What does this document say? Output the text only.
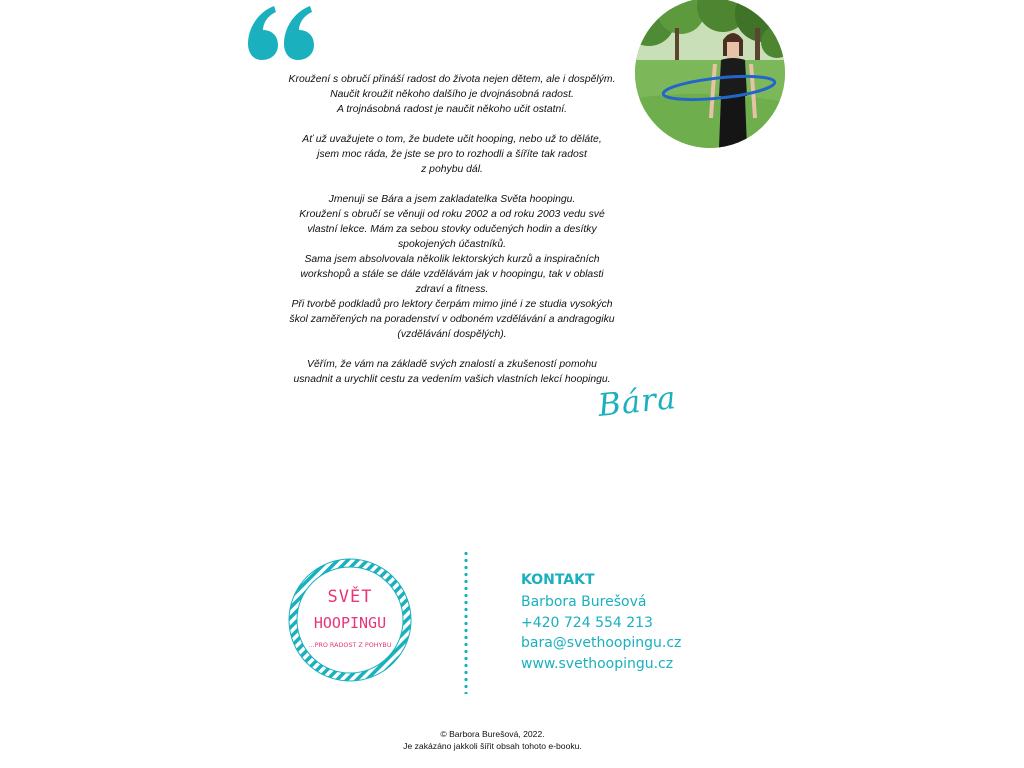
Kroužení s obručí přináší radost do života nejen dětem, ale i dospělým.
Naučit kroužit někoho dalšího je dvojnásobná radost.
A trojnásobná radost je naučit někoho učit ostatní.

Ať už uvažujete o tom, že budete učit hooping, nebo už to děláte,
jsem moc ráda, že jste se pro to rozhodli a šíříte tak radost
z pohybu dál.

Jmenuji se Bára a jsem zakladatelka Světa hoopingu.
Kroužení s obručí se věnuji od roku 2002 a od roku 2003 vedu své
vlastní lekce. Mám za sebou stovky odučených hodin a desítky
spokojených účastníků.
Sama jsem absolvovala několik lektorských kurzů a inspiračních
workshopů a stále se dále vzdělávám jak v hoopingu, tak v oblasti
zdraví a fitness.
Při tvorbě podkladů pro lektory čerpám mimo jiné i ze studia vysokých
škol zaměřených na poradenství v odboném vzdělávání a andragogiku
(vzdělávání dospělých).

Věřím, že vám na základě svých znalostí a zkušeností pomohu
usnadnit a urychlit cestu za vedením vašich vlastních lekcí hoopingu.

Bára
SVĚT
HOOPINGU
...PRO RADOST Z POHYBU
KONTAKT
Barbora Burešová
+420 724 554 213
bara@svethoopingu.cz
www.svethoopingu.cz
© Barbora Burešová, 2022.
Je zakázáno jakkoli šířit obsah tohoto e-booku.
